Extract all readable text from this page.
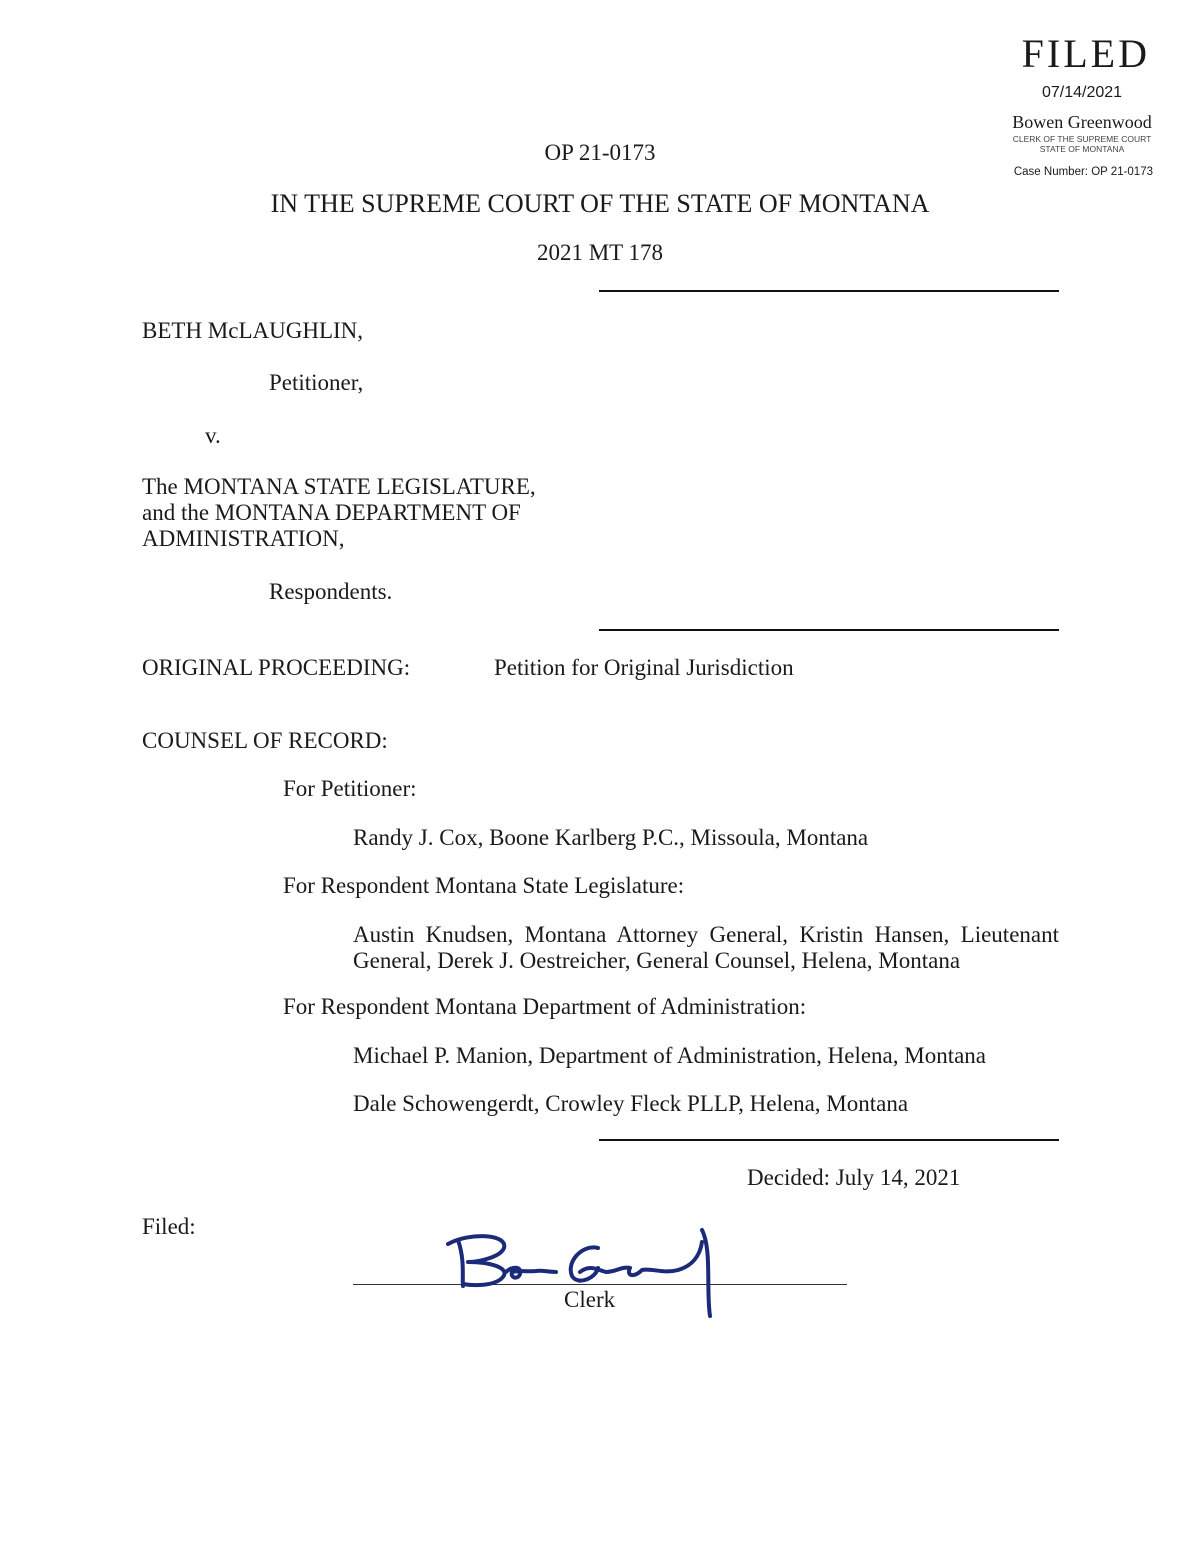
FILED
07/14/2021
Bowen Greenwood
CLERK OF THE SUPREME COURT
STATE OF MONTANA
Case Number: OP 21-0173
OP 21-0173
IN THE SUPREME COURT OF THE STATE OF MONTANA
2021 MT 178
BETH McLAUGHLIN,
Petitioner,
v.
The MONTANA STATE LEGISLATURE,
and the MONTANA DEPARTMENT OF
ADMINISTRATION,
Respondents.
ORIGINAL PROCEEDING:	Petition for Original Jurisdiction
COUNSEL OF RECORD:
For Petitioner:
Randy J. Cox, Boone Karlberg P.C., Missoula, Montana
For Respondent Montana State Legislature:
Austin Knudsen, Montana Attorney General, Kristin Hansen, Lieutenant General, Derek J. Oestreicher, General Counsel, Helena, Montana
For Respondent Montana Department of Administration:
Michael P. Manion, Department of Administration, Helena, Montana
Dale Schowengerdt, Crowley Fleck PLLP, Helena, Montana
Decided: July 14, 2021
Filed:
Clerk
